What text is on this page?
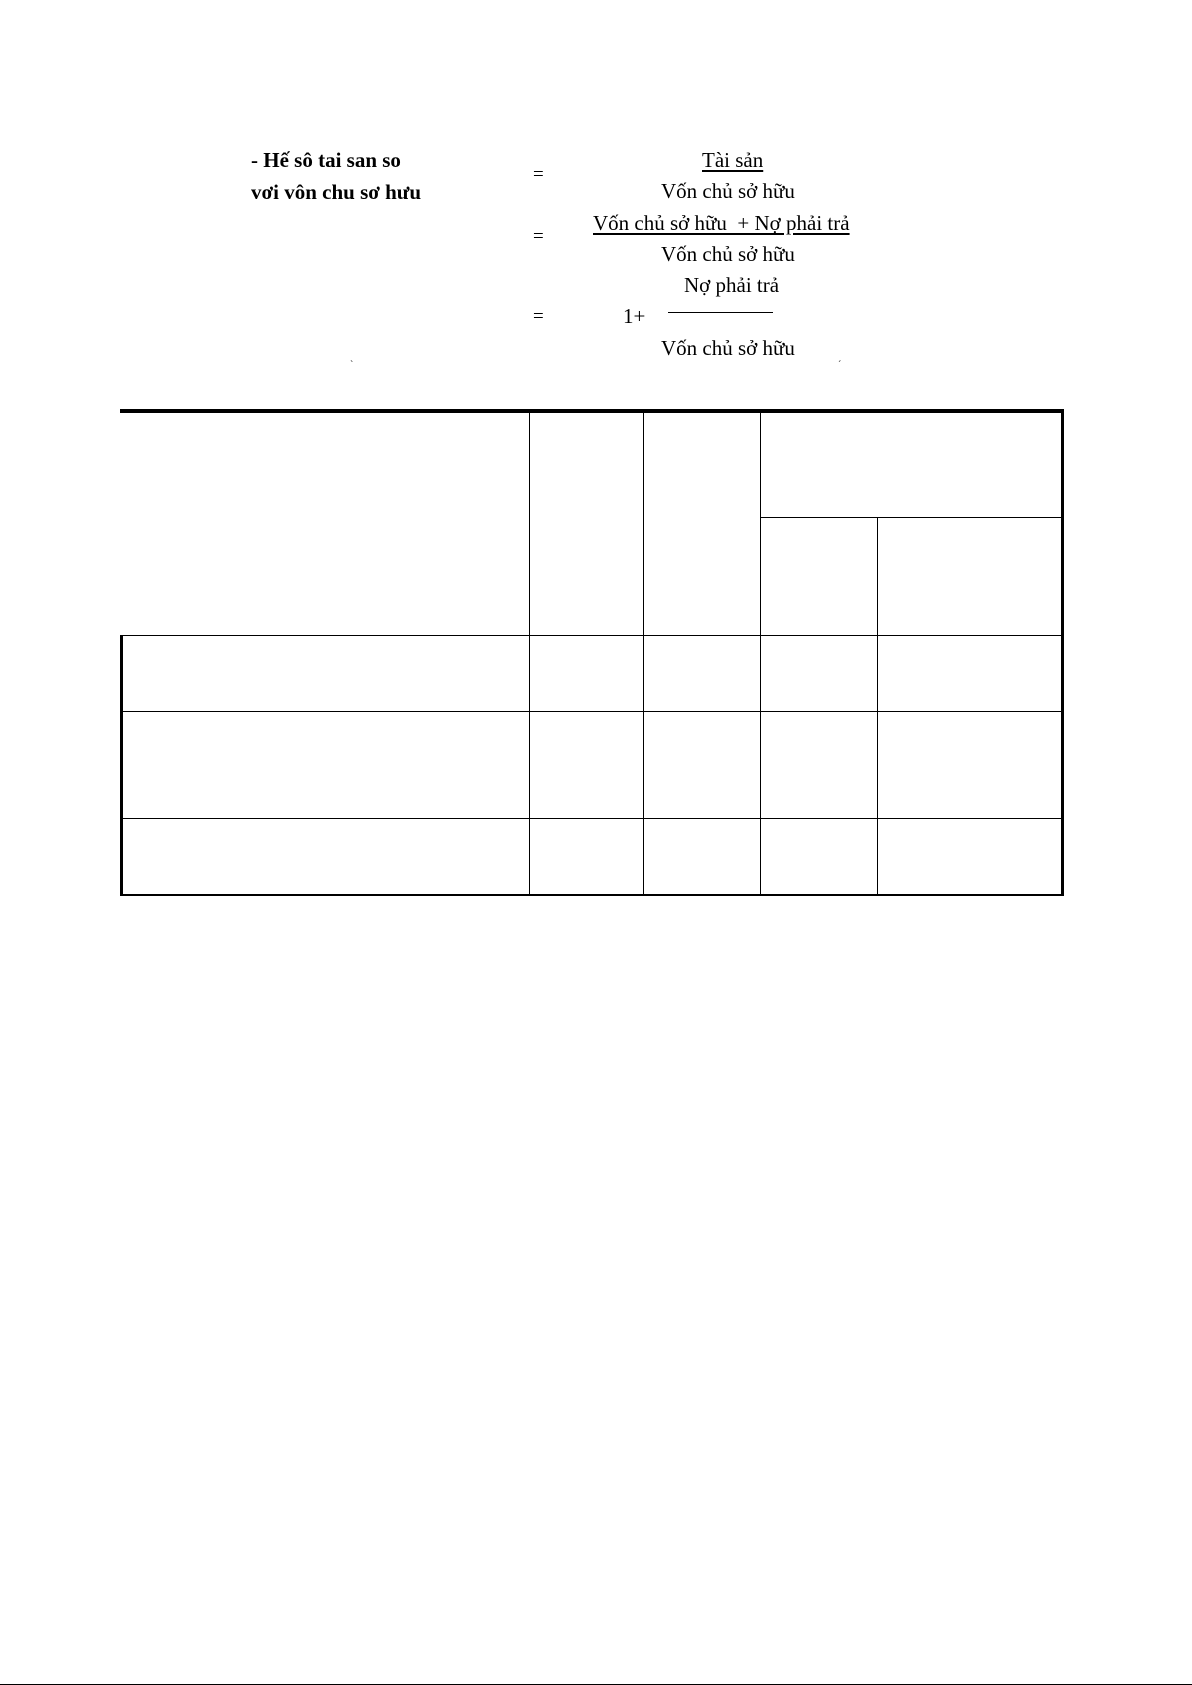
- Hế sô tai san so
vơi vôn chu sơ hưu
=
Tài sản
Vốn chủ sở hữu
=
Vốn chủ sở hữu  + Nợ phải trả
Vốn chủ sở hữu
Nợ phải trả
=	1+
Vốn chủ sở hữu
ˋ	ˊ
